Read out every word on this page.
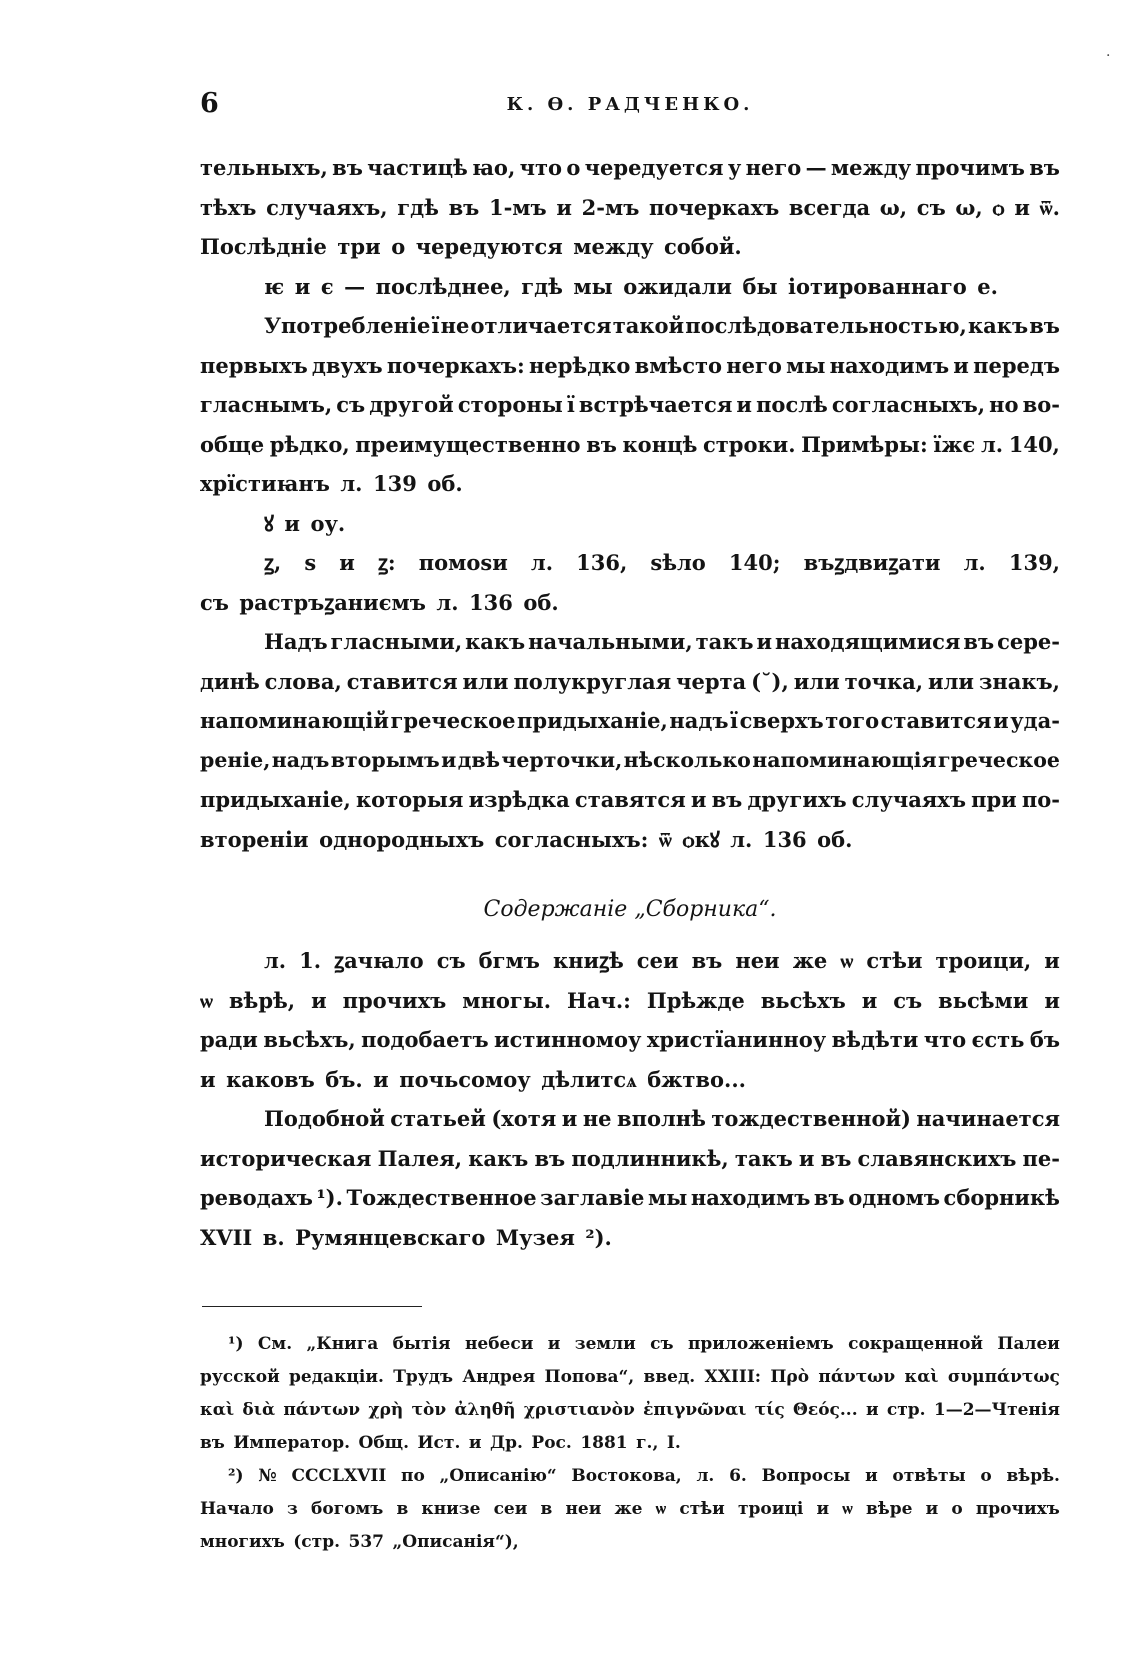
·
6	К. Ѳ. РАДЧЕНКО.
тельныхъ, въ частицѣ ꙗо, что о чередуется у него — между прочимъ въ
тѣхъ случаяхъ, гдѣ въ 1-мъ и 2-мъ почеркахъ всегда ω, съ ω, ѻ и ѿ.
Послѣдніе три о чередуются между собой.
ѥ и є — послѣднее, гдѣ мы ожидали бы іотированнаго е.
Употребленіе ї не отличается такой послѣдовательностью, какъ въ
первыхъ двухъ почеркахъ: нерѣдко вмѣсто него мы находимъ и передъ
гласнымъ, съ другой стороны ї встрѣчается и послѣ согласныхъ, но во-
обще рѣдко, преимущественно въ концѣ строки. Примѣры: їжє л. 140,
хрїстиꙗнъ л. 139 об.
ꙋ и оу.
ꙁ, ѕ и ꙁ: помоѕи л. 136, ѕѣло 140; въꙁдвиꙁати л. 139,
съ растръꙁаниємъ л. 136 об.
Надъ гласными, какъ начальными, такъ и находящимися въ сере-
динѣ слова, ставится или полукруглая черта (˘), или точка, или знакъ,
напоминающій греческое придыханіе, надъ ї сверхъ того ставится и уда-
реніе, надъ вторымъ и двѣ черточки, нѣсколько напоминающія греческое
придыханіе, которыя изрѣдка ставятся и въ другихъ случаяхъ при по-
втореніи однородныхъ согласныхъ: ѿ ѻкꙋ л. 136 об.
Содержаніе „Сборника“.
л. 1. ꙁачꙗло съ бгмъ книꙁѣ сеи въ неи же ѡ стѣи троици, и
ѡ вѣрѣ, и прочихъ многы. Нач.: Прѣжде вьсѣхъ и съ вьсѣми и
ради вьсѣхъ, подобаетъ истинномоу христїанинноу вѣдѣти что єсть бъ
и каковъ бъ. и почьсомоу дѣлитсѧ бжтво...
Подобной статьей (хотя и не вполнѣ тождественной) начинается
историческая Палея, какъ въ подлинникѣ, такъ и въ славянскихъ пе-
реводахъ ¹). Тождественное заглавіе мы находимъ въ одномъ сборникѣ
XVII в. Румянцевскаго Музея ²).
¹) См. „Книга бытія небеси и земли съ приложеніемъ сокращенной Палеи
русской редакціи. Трудъ Андрея Попова“, введ. XXIII: Πρὸ πάντων καὶ συμπάντως
καὶ διὰ πάντων χρὴ τὸν ἀληθῆ χριστιανὸν ἐπιγνῶναι τίς Θεός... и стр. 1—2—Чтенія
въ Император. Общ. Ист. и Др. Рос. 1881 г., I.
²) № CCCLXVII по „Описанію“ Востокова, л. 6. Вопросы и отвѣты о вѣрѣ.
Начало з богомъ в книзе сеи в неи же ѡ стѣи троиці и ѡ вѣре и о прочихъ
многихъ (стр. 537 „Описанія“),
